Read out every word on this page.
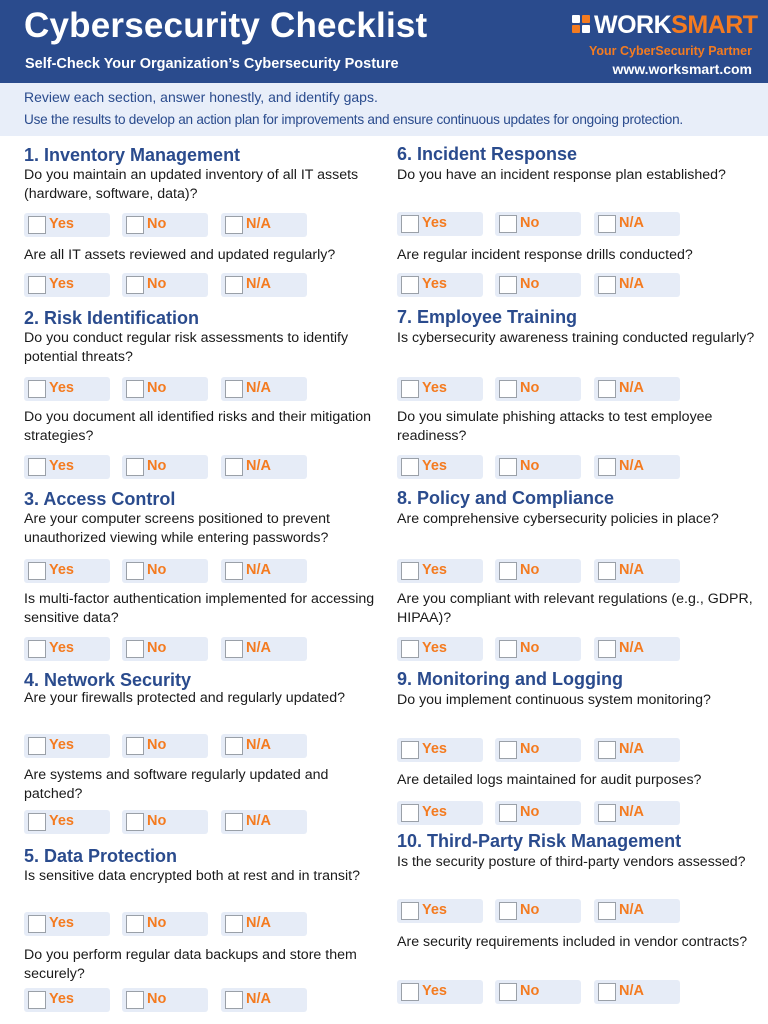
Cybersecurity Checklist
Self-Check Your Organization’s Cybersecurity Posture
WORKSMART
Your CyberSecurity Partner
www.worksmart.com
Review each section, answer honestly, and identify gaps.
Use the results to develop an action plan for improvements and ensure continuous updates for ongoing protection.
1. Inventory Management
Do you maintain an updated inventory of all IT assets (hardware, software, data)?
Yes	No	N/A
Are all IT assets reviewed and updated regularly?
Yes	No	N/A
2. Risk Identification
Do you conduct regular risk assessments to identify potential threats?
Yes	No	N/A
Do you document all identified risks and their mitigation strategies?
Yes	No	N/A
3. Access Control
Are your computer screens positioned to prevent unauthorized viewing while entering passwords?
Yes	No	N/A
Is multi-factor authentication implemented for accessing sensitive data?
Yes	No	N/A
4. Network Security
Are your firewalls protected and regularly updated?
Yes	No	N/A
Are systems and software regularly updated and patched?
Yes	No	N/A
5. Data Protection
Is sensitive data encrypted both at rest and in transit?
Yes	No	N/A
Do you perform regular data backups and store them securely?
Yes	No	N/A
6. Incident Response
Do you have an incident response plan established?
Yes	No	N/A
Are regular incident response drills conducted?
Yes	No	N/A
7. Employee Training
Is cybersecurity awareness training conducted regularly?
Yes	No	N/A
Do you simulate phishing attacks to test employee readiness?
Yes	No	N/A
8. Policy and Compliance
Are comprehensive cybersecurity policies in place?
Yes	No	N/A
Are you compliant with relevant regulations (e.g., GDPR, HIPAA)?
Yes	No	N/A
9. Monitoring and Logging
Do you implement continuous system monitoring?
Yes	No	N/A
Are detailed logs maintained for audit purposes?
Yes	No	N/A
10. Third-Party Risk Management
Is the security posture of third-party vendors assessed?
Yes	No	N/A
Are security requirements included in vendor contracts?
Yes	No	N/A
